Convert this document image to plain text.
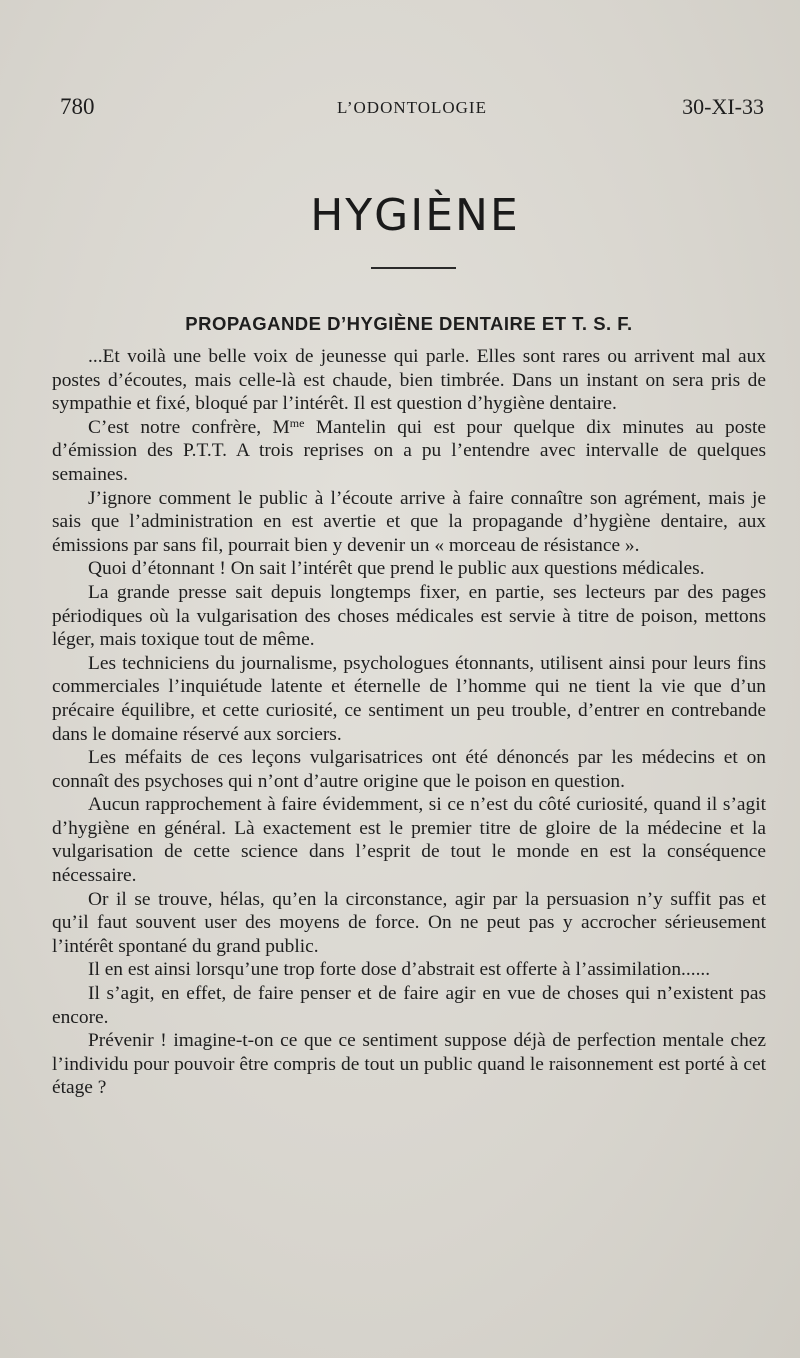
780	L’ODONTOLOGIE	30-XI-33
HYGIÈNE
PROPAGANDE D’HYGIÈNE DENTAIRE ET T. S. F.

...Et voilà une belle voix de jeunesse qui parle. Elles sont rares ou arrivent mal aux postes d’écoutes, mais celle-là est chaude, bien timbrée. Dans un instant on sera pris de sympathie et fixé, bloqué par l’intérêt. Il est question d’hygiène dentaire.

C’est notre confrère, $M^{me}$ Mantelin qui est pour quelque dix minutes au poste d’émission des P.T.T. A trois reprises on a pu l’entendre avec intervalle de quelques semaines.

J’ignore comment le public à l’écoute arrive à faire connaître son agrément, mais je sais que l’administration en est avertie et que la propagande d’hygiène dentaire, aux émissions par sans fil, pourrait bien y devenir un « morceau de résistance ».

Quoi d’étonnant ! On sait l’intérêt que prend le public aux questions médicales.

La grande presse sait depuis longtemps fixer, en partie, ses lecteurs par des pages périodiques où la vulgarisation des choses médicales est servie à titre de poison, mettons léger, mais toxique tout de même.

Les techniciens du journalisme, psychologues étonnants, utilisent ainsi pour leurs fins commerciales l’inquiétude latente et éternelle de l’homme qui ne tient la vie que d’un précaire équilibre, et cette curiosité, ce sentiment un peu trouble, d’entrer en contrebande dans le domaine réservé aux sorciers.

Les méfaits de ces leçons vulgarisatrices ont été dénoncés par les médecins et on connaît des psychoses qui n’ont d’autre origine que le poison en question.

Aucun rapprochement à faire évidemment, si ce n’est du côté curiosité, quand il s’agit d’hygiène en général. Là exactement est le premier titre de gloire de la médecine et la vulgarisation de cette science dans l’esprit de tout le monde en est la conséquence nécessaire.

Or il se trouve, hélas, qu’en la circonstance, agir par la persuasion n’y suffit pas et qu’il faut souvent user des moyens de force. On ne peut pas y accrocher sérieusement l’intérêt spontané du grand public.

Il en est ainsi lorsqu’une trop forte dose d’abstrait est offerte à l’assimilation......

Il s’agit, en effet, de faire penser et de faire agir en vue de choses qui n’existent pas encore.

Prévenir ! imagine-t-on ce que ce sentiment suppose déjà de perfection mentale chez l’individu pour pouvoir être compris de tout un public quand le raisonnement est porté à cet étage ?
